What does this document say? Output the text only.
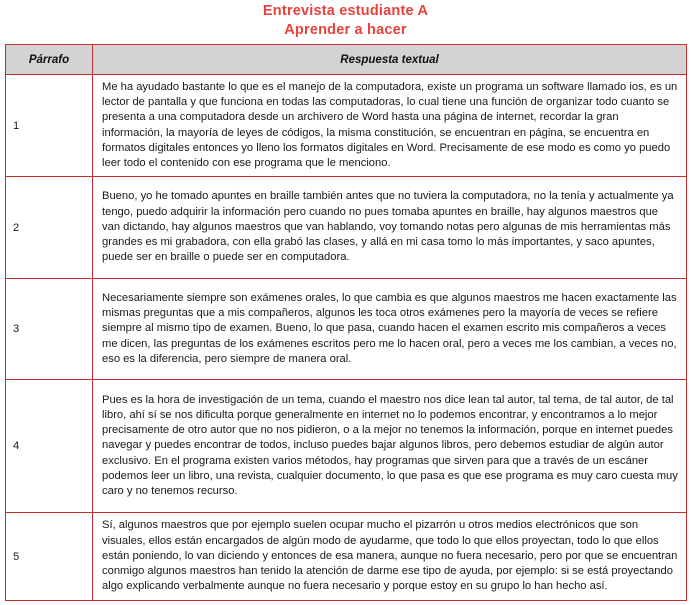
Entrevista estudiante A
Aprender a hacer
Párrafo	Respuesta textual
1	Me ha ayudado bastante lo que es el manejo de la computadora, existe un programa un software llamado ios, es un lector de pantalla y que funciona en todas las computadoras, lo cual tiene una función de organizar todo cuanto se presenta a una computadora desde un archivero de Word hasta una página de internet, recordar la gran información, la mayoría de leyes de códigos, la misma constitución, se encuentran en página, se encuentra en formatos digitales entonces yo lleno los formatos digitales en Word. Precisamente de ese modo es como yo puedo leer todo el contenido con ese programa que le menciono.
2	Bueno, yo he tomado apuntes en braille también antes que no tuviera la computadora, no la tenía y actualmente ya tengo, puedo adquirir la información pero cuando no pues tomaba apuntes en braille, hay algunos maestros que van dictando, hay algunos maestros que van hablando, voy tomando notas pero algunas de mis herramientas más grandes es mi grabadora, con ella grabó las clases, y allá en mi casa tomo lo más importantes, y saco apuntes, puede ser en braille o puede ser en computadora.
3	Necesariamente siempre son exámenes orales, lo que cambia es que algunos maestros me hacen exactamente las mismas preguntas que a mis compañeros, algunos les toca otros exámenes pero la mayoría de veces se refiere siempre al mismo tipo de examen. Bueno, lo que pasa, cuando hacen el examen escrito mis compañeros a veces me dicen, las preguntas de los exámenes escritos pero me lo hacen oral, pero a veces me los cambian, a veces no, eso es la diferencia, pero siempre de manera oral.
4	Pues es la hora de investigación de un tema, cuando el maestro nos dice lean tal autor, tal tema, de tal autor, de tal libro, ahí sí se nos dificulta porque generalmente en internet no lo podemos encontrar, y encontramos a lo mejor precisamente de otro autor que no nos pidieron, o a la mejor no tenemos la información, porque en internet puedes navegar y puedes encontrar de todos, incluso puedes bajar algunos libros, pero debemos estudiar de algún autor exclusivo. En el programa existen varios métodos, hay programas que sirven para que a través de un escáner podemos leer un libro, una revista, cualquier documento, lo que pasa es que ese programa es muy caro cuesta muy caro y no tenemos recurso.
5	Sí, algunos maestros que por ejemplo suelen ocupar mucho el pizarrón u otros medios electrónicos que son visuales, ellos están encargados de algún modo de ayudarme, que todo lo que ellos proyectan, todo lo que ellos están poniendo, lo van diciendo y entonces de esa manera, aunque no fuera necesario, pero por que se encuentran conmigo algunos maestros han tenido la atención de darme ese tipo de ayuda, por ejemplo: si se está proyectando algo explicando verbalmente aunque no fuera necesario y porque estoy en su grupo lo han hecho así.
